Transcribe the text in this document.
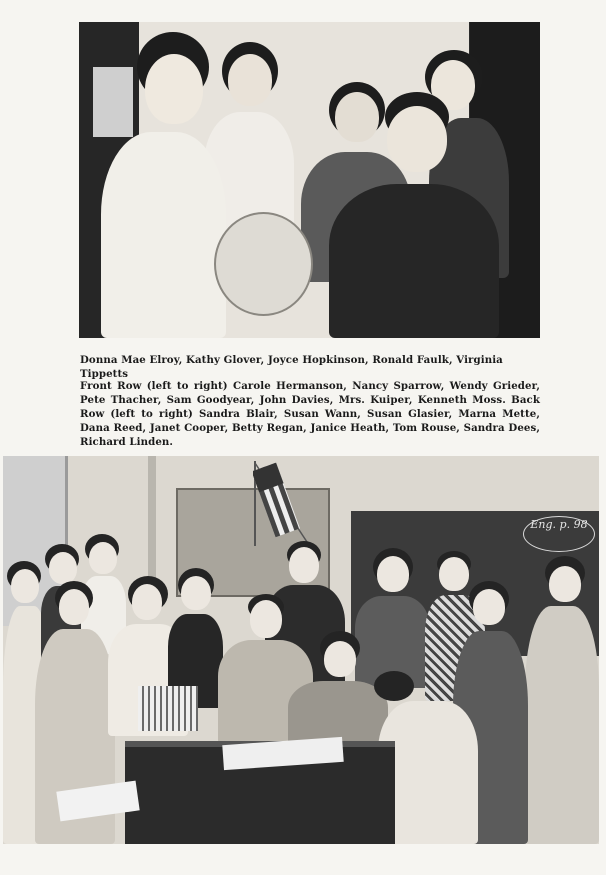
Donna Mae Elroy, Kathy Glover, Joyce Hopkinson, Ronald Faulk, Virginia Tippetts
Front Row (left to right) Carole Hermanson, Nancy Sparrow, Wendy Grieder, Pete Thacher, Sam Goodyear, John Davies, Mrs. Kuiper, Kenneth Moss. Back Row (left to right) Sandra Blair, Susan Wann, Susan Glasier, Marna Mette, Dana Reed, Janet Cooper, Betty Regan, Janice Heath, Tom Rouse, Sandra Dees, Richard Linden.
Eng. p. 98
